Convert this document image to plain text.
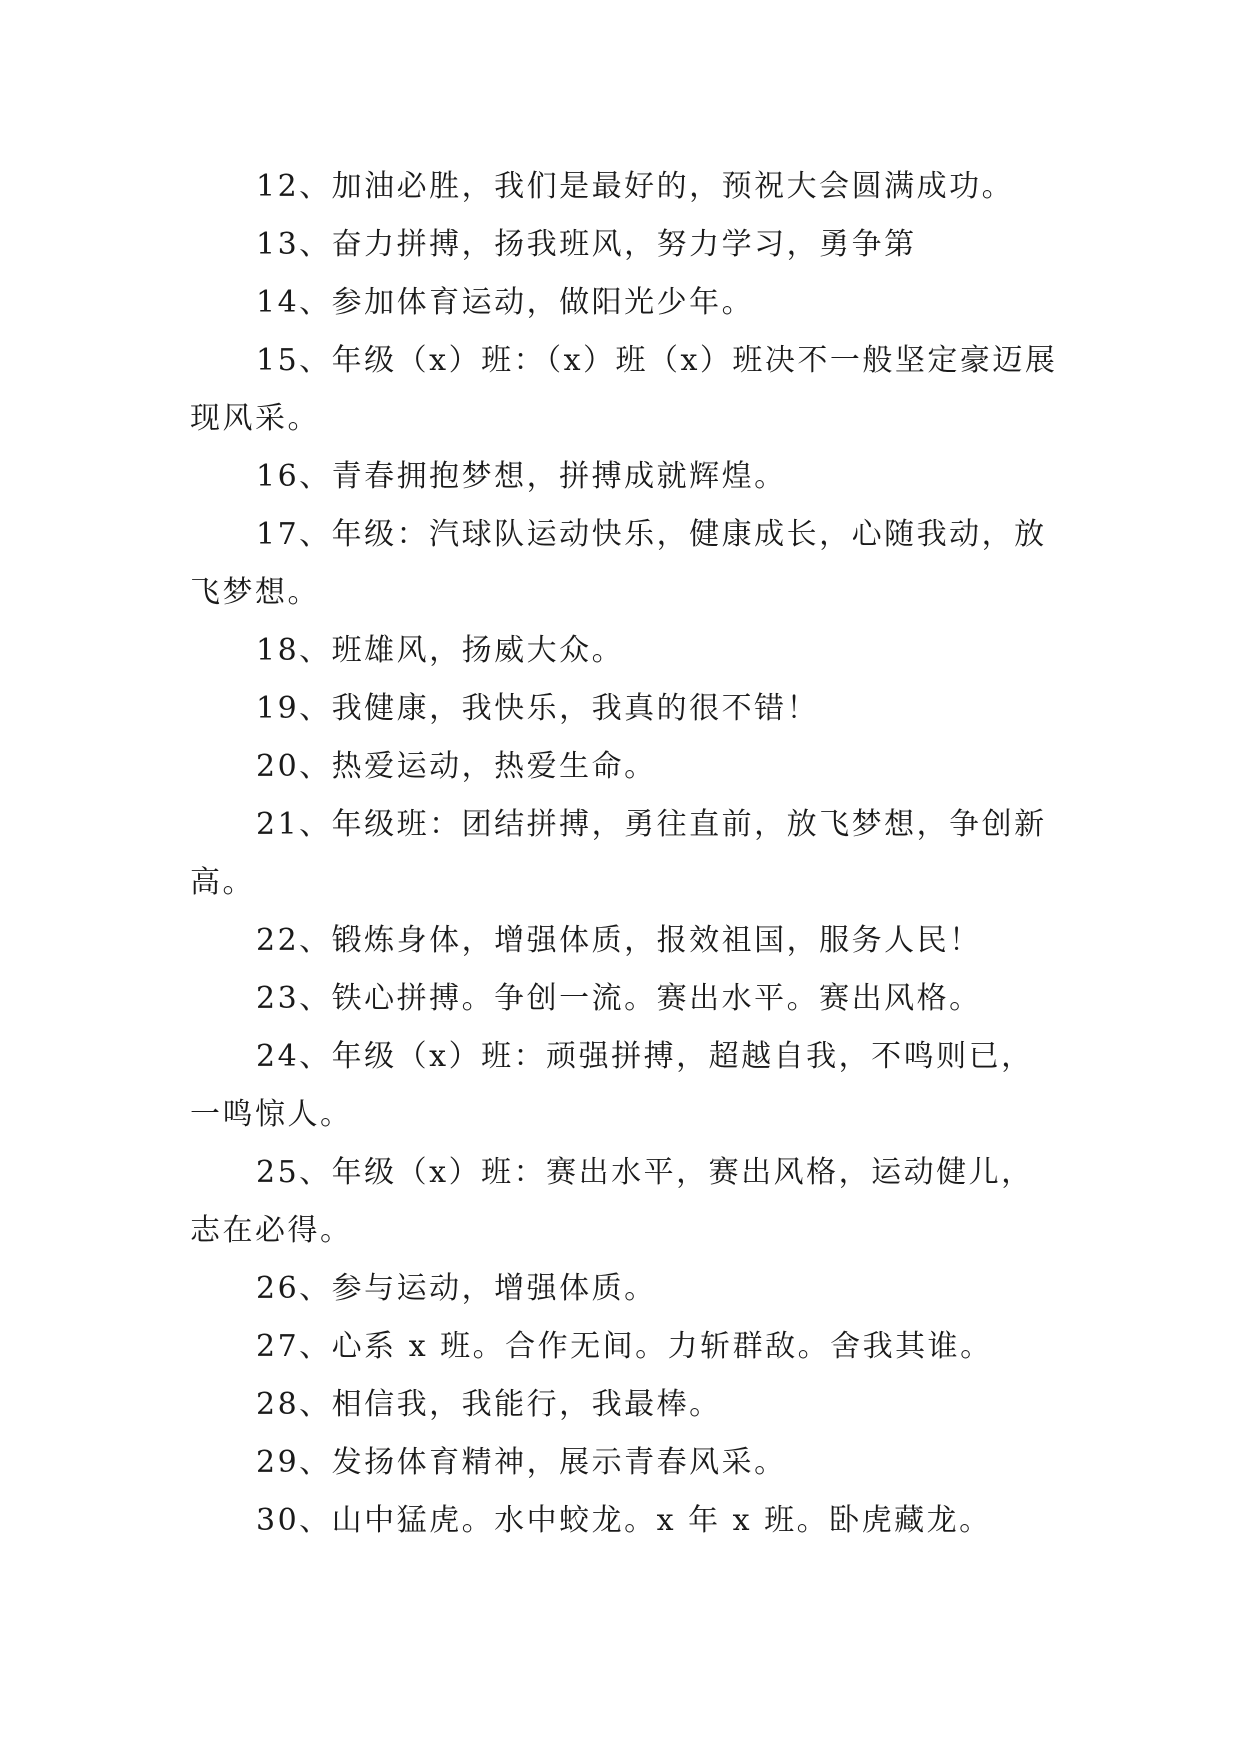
12、加油必胜，我们是最好的，预祝大会圆满成功。

13、奋力拼搏，扬我班风，努力学习，勇争第

14、参加体育运动，做阳光少年。

15、年级（x）班：（x）班（x）班决不一般坚定豪迈展现风采。

16、青春拥抱梦想，拼搏成就辉煌。

17、年级：汽球队运动快乐，健康成长，心随我动，放飞梦想。

18、班雄风，扬威大众。

19、我健康，我快乐，我真的很不错！

20、热爱运动，热爱生命。

21、年级班：团结拼搏，勇往直前，放飞梦想，争创新高。

22、锻炼身体，增强体质，报效祖国，服务人民！

23、铁心拼搏。争创一流。赛出水平。赛出风格。

24、年级（x）班：顽强拼搏，超越自我，不鸣则已，一鸣惊人。

25、年级（x）班：赛出水平，赛出风格，运动健儿，志在必得。

26、参与运动，增强体质。

27、心系 x 班。合作无间。力斩群敌。舍我其谁。

28、相信我，我能行，我最棒。

29、发扬体育精神，展示青春风采。

30、山中猛虎。水中蛟龙。x 年 x 班。卧虎藏龙。
